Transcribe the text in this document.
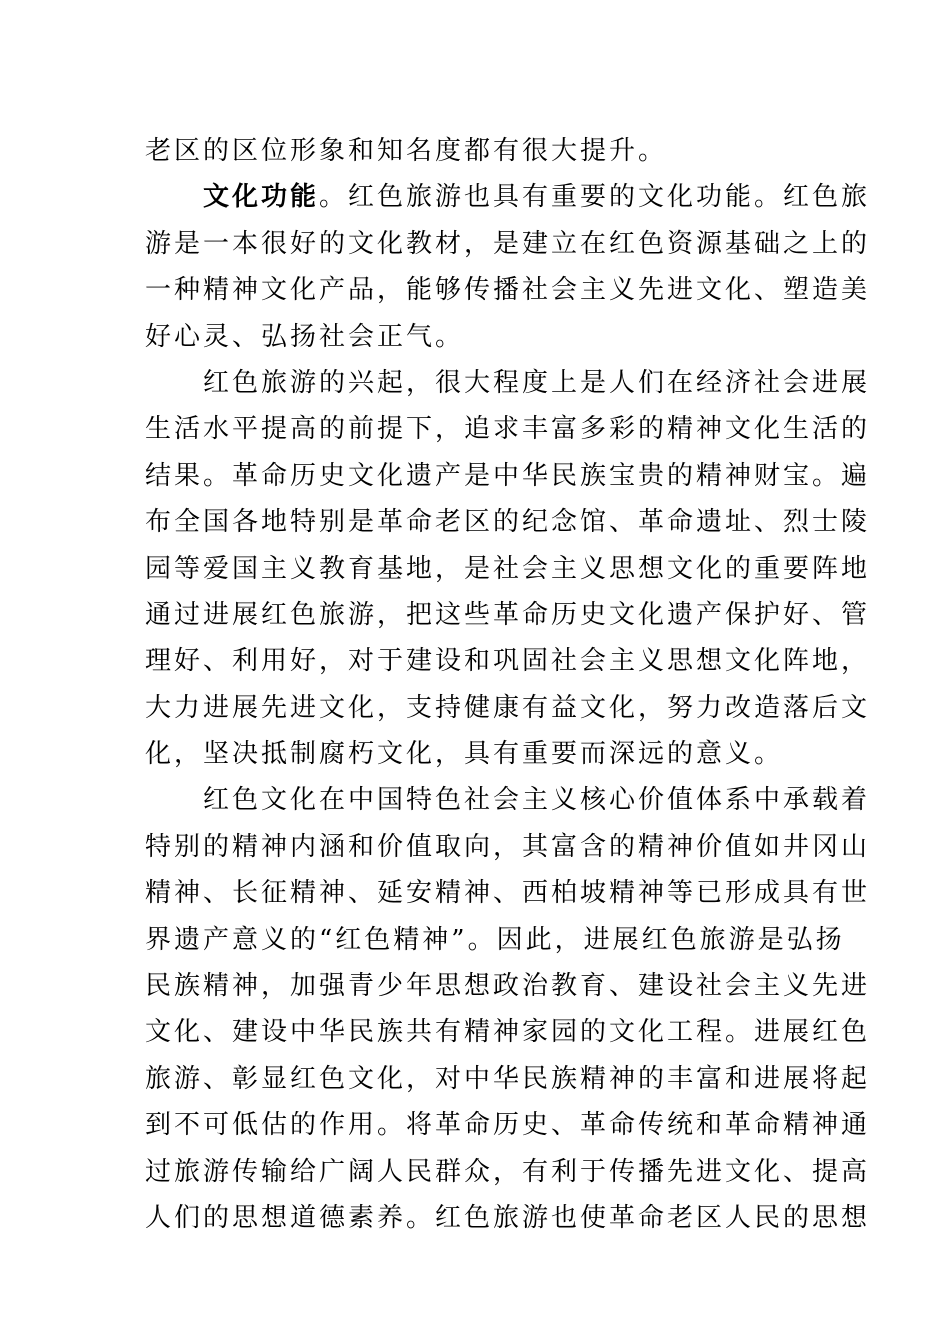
老区的区位形象和知名度都有很大提升。
文化功能。红色旅游也具有重要的文化功能。红色旅
游是一本很好的文化教材，是建立在红色资源基础之上的
一种精神文化产品，能够传播社会主义先进文化、塑造美
好心灵、弘扬社会正气。
红色旅游的兴起，很大程度上是人们在经济社会进展
生活水平提高的前提下，追求丰富多彩的精神文化生活的
结果。革命历史文化遗产是中华民族宝贵的精神财宝。遍
布全国各地特别是革命老区的纪念馆、革命遗址、烈士陵
园等爱国主义教育基地，是社会主义思想文化的重要阵地
通过进展红色旅游，把这些革命历史文化遗产保护好、管
理好、利用好，对于建设和巩固社会主义思想文化阵地，
大力进展先进文化，支持健康有益文化，努力改造落后文
化，坚决抵制腐朽文化，具有重要而深远的意义。
红色文化在中国特色社会主义核心价值体系中承载着
特别的精神内涵和价值取向，其富含的精神价值如井冈山
精神、长征精神、延安精神、西柏坡精神等已形成具有世
界遗产意义的“红色精神”。因此，进展红色旅游是弘扬
民族精神，加强青少年思想政治教育、建设社会主义先进
文化、建设中华民族共有精神家园的文化工程。进展红色
旅游、彰显红色文化，对中华民族精神的丰富和进展将起
到不可低估的作用。将革命历史、革命传统和革命精神通
过旅游传输给广阔人民群众，有利于传播先进文化、提高
人们的思想道德素养。红色旅游也使革命老区人民的思想
